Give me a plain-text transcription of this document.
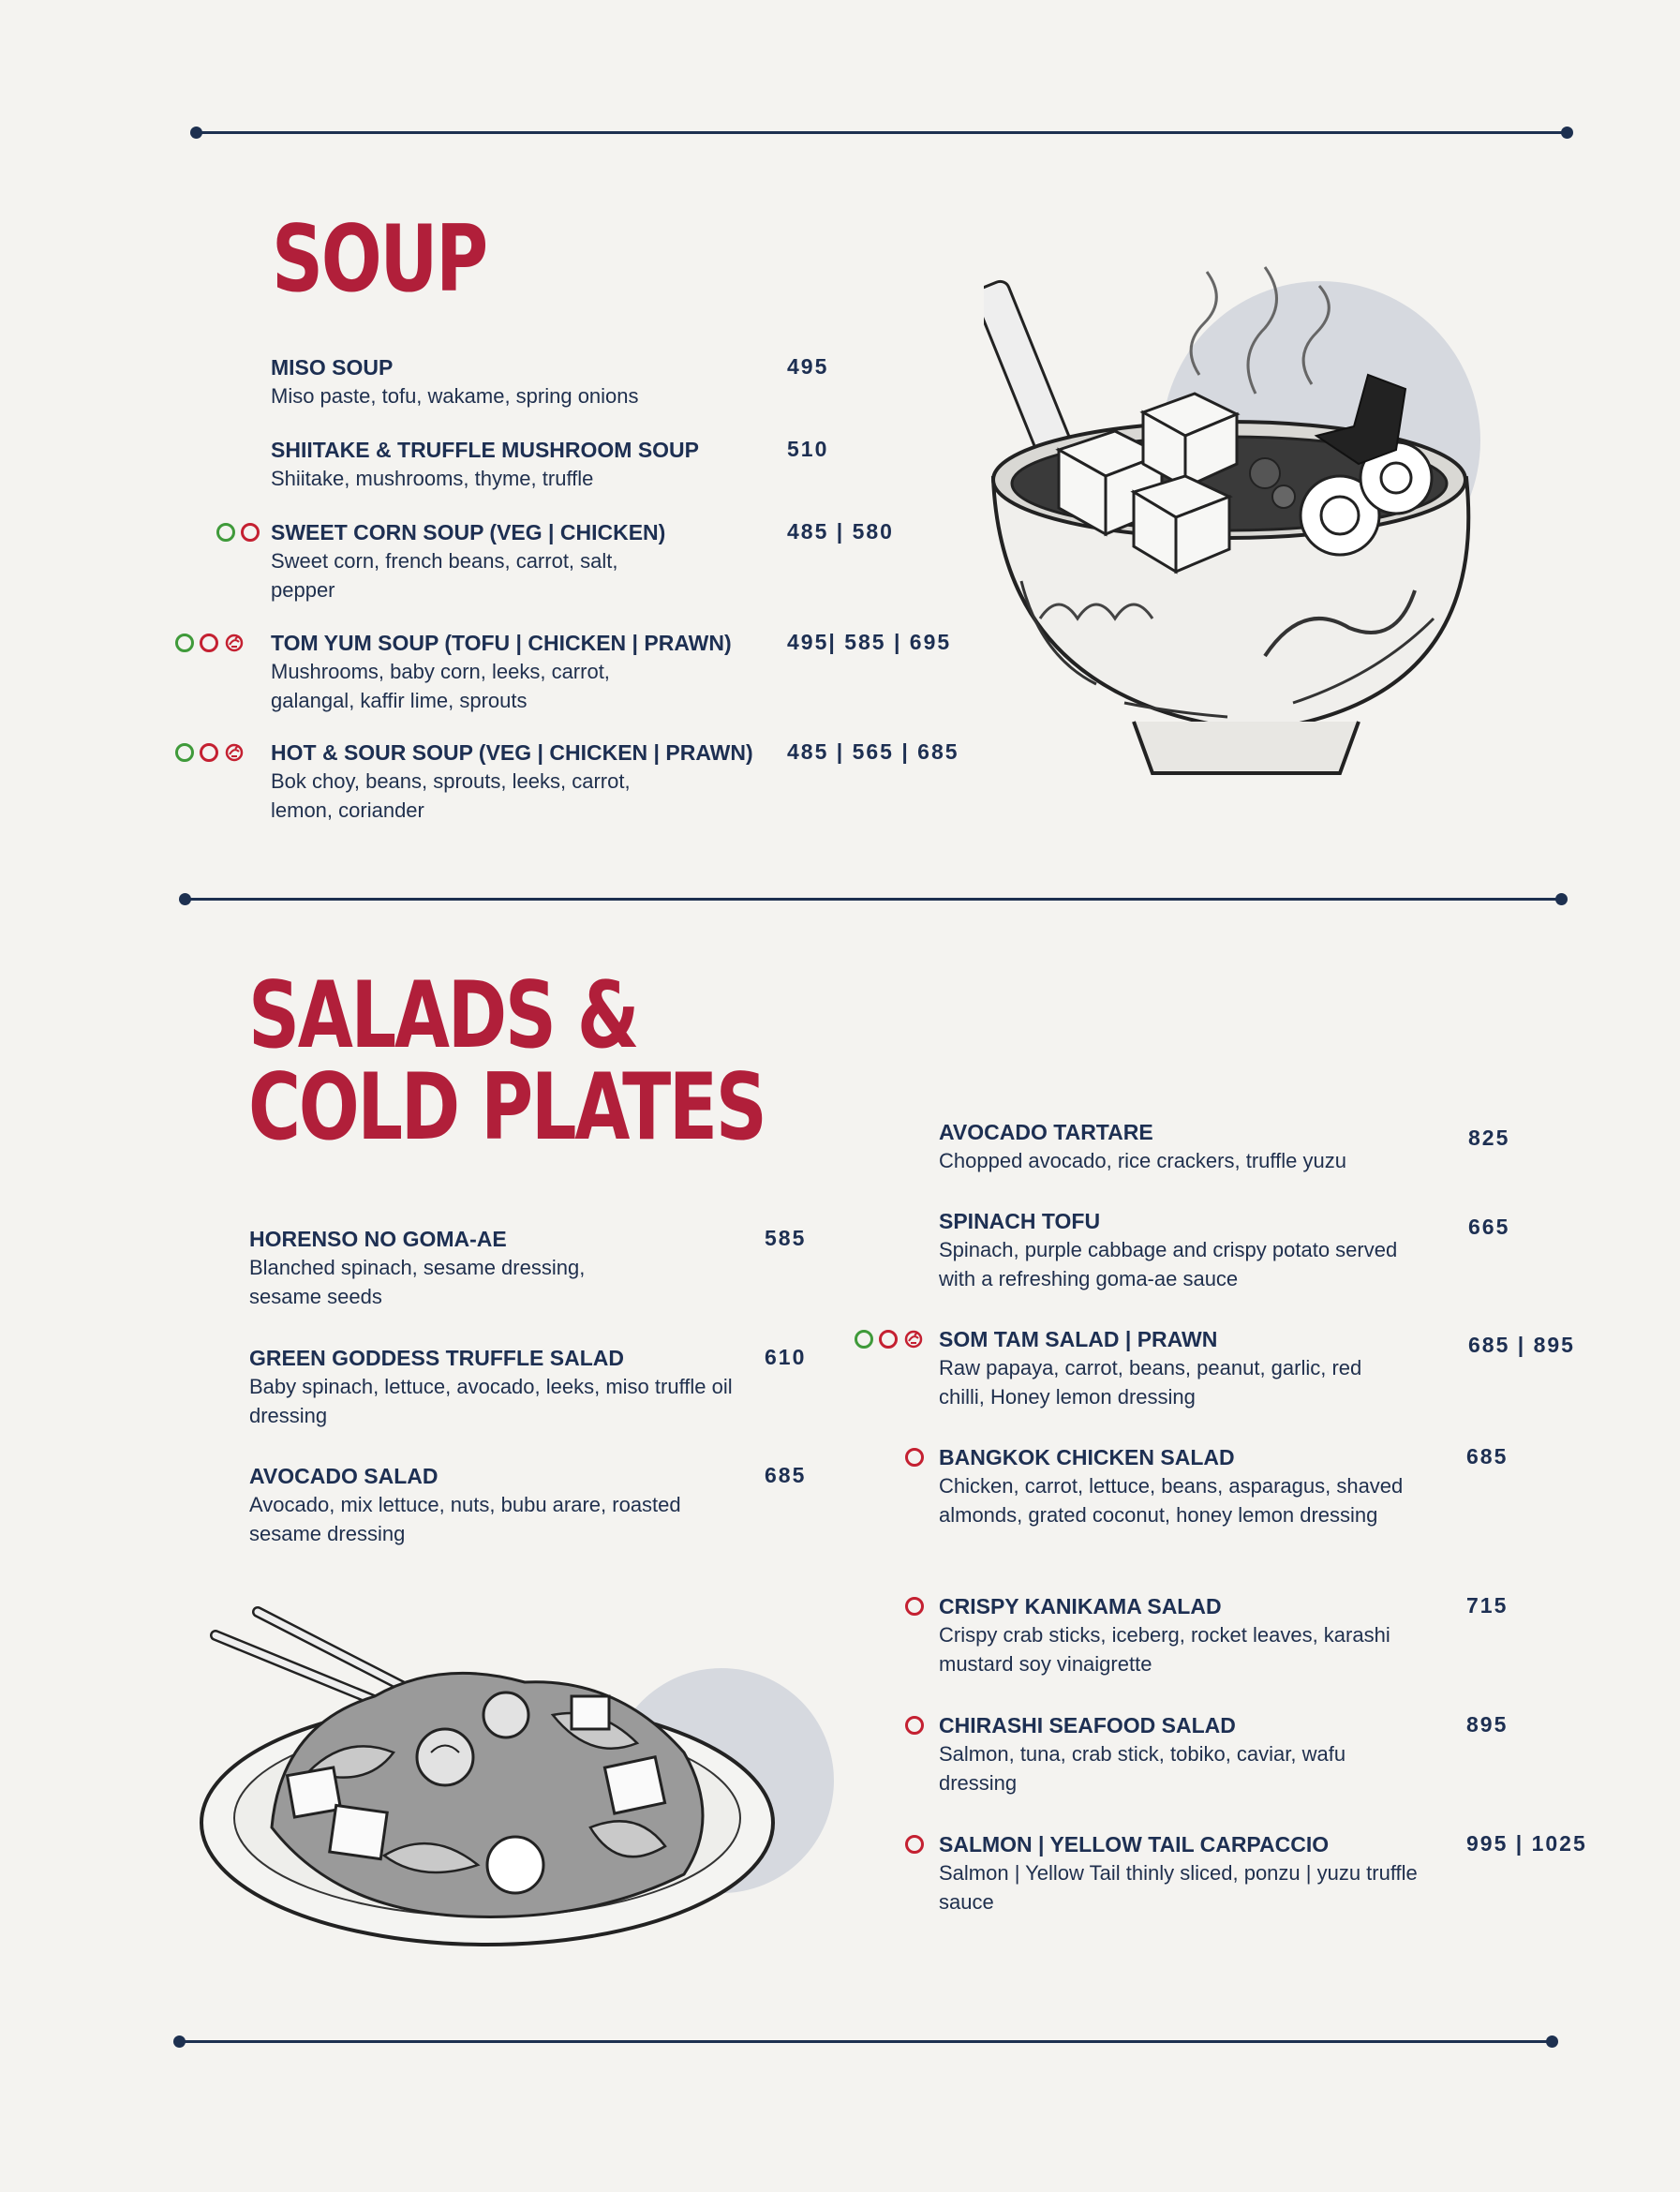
SOUP
MISO SOUP
Miso paste, tofu, wakame, spring onions
495
SHIITAKE & TRUFFLE MUSHROOM SOUP
Shiitake, mushrooms, thyme, truffle
510
SWEET CORN SOUP (VEG | CHICKEN)
Sweet corn, french beans, carrot, salt, pepper
485 | 580
TOM YUM SOUP (TOFU | CHICKEN | PRAWN)
Mushrooms, baby corn, leeks, carrot, galangal, kaffir lime, sprouts
495| 585 | 695
HOT & SOUR SOUP (VEG | CHICKEN | PRAWN)
Bok choy, beans, sprouts, leeks, carrot, lemon, coriander
485 | 565 | 685
SALADS &
COLD PLATES
HORENSO NO GOMA-AE
Blanched spinach, sesame dressing, sesame seeds
585
GREEN GODDESS TRUFFLE SALAD
Baby spinach, lettuce, avocado, leeks, miso truffle oil dressing
610
AVOCADO SALAD
Avocado, mix lettuce, nuts, bubu arare, roasted sesame dressing
685
AVOCADO TARTARE
Chopped avocado, rice crackers, truffle yuzu
825
SPINACH TOFU
Spinach, purple cabbage and crispy potato served with a refreshing goma-ae sauce
665
SOM TAM SALAD | PRAWN
Raw papaya, carrot, beans, peanut, garlic, red chilli, Honey lemon dressing
685 | 895
BANGKOK CHICKEN SALAD
Chicken, carrot, lettuce, beans, asparagus, shaved almonds, grated coconut, honey lemon dressing
685
CRISPY KANIKAMA SALAD
Crispy crab sticks, iceberg, rocket leaves, karashi mustard soy vinaigrette
715
CHIRASHI SEAFOOD SALAD
Salmon, tuna, crab stick, tobiko, caviar, wafu dressing
895
SALMON | YELLOW TAIL CARPACCIO
Salmon | Yellow Tail thinly sliced, ponzu | yuzu truffle sauce
995 | 1025
